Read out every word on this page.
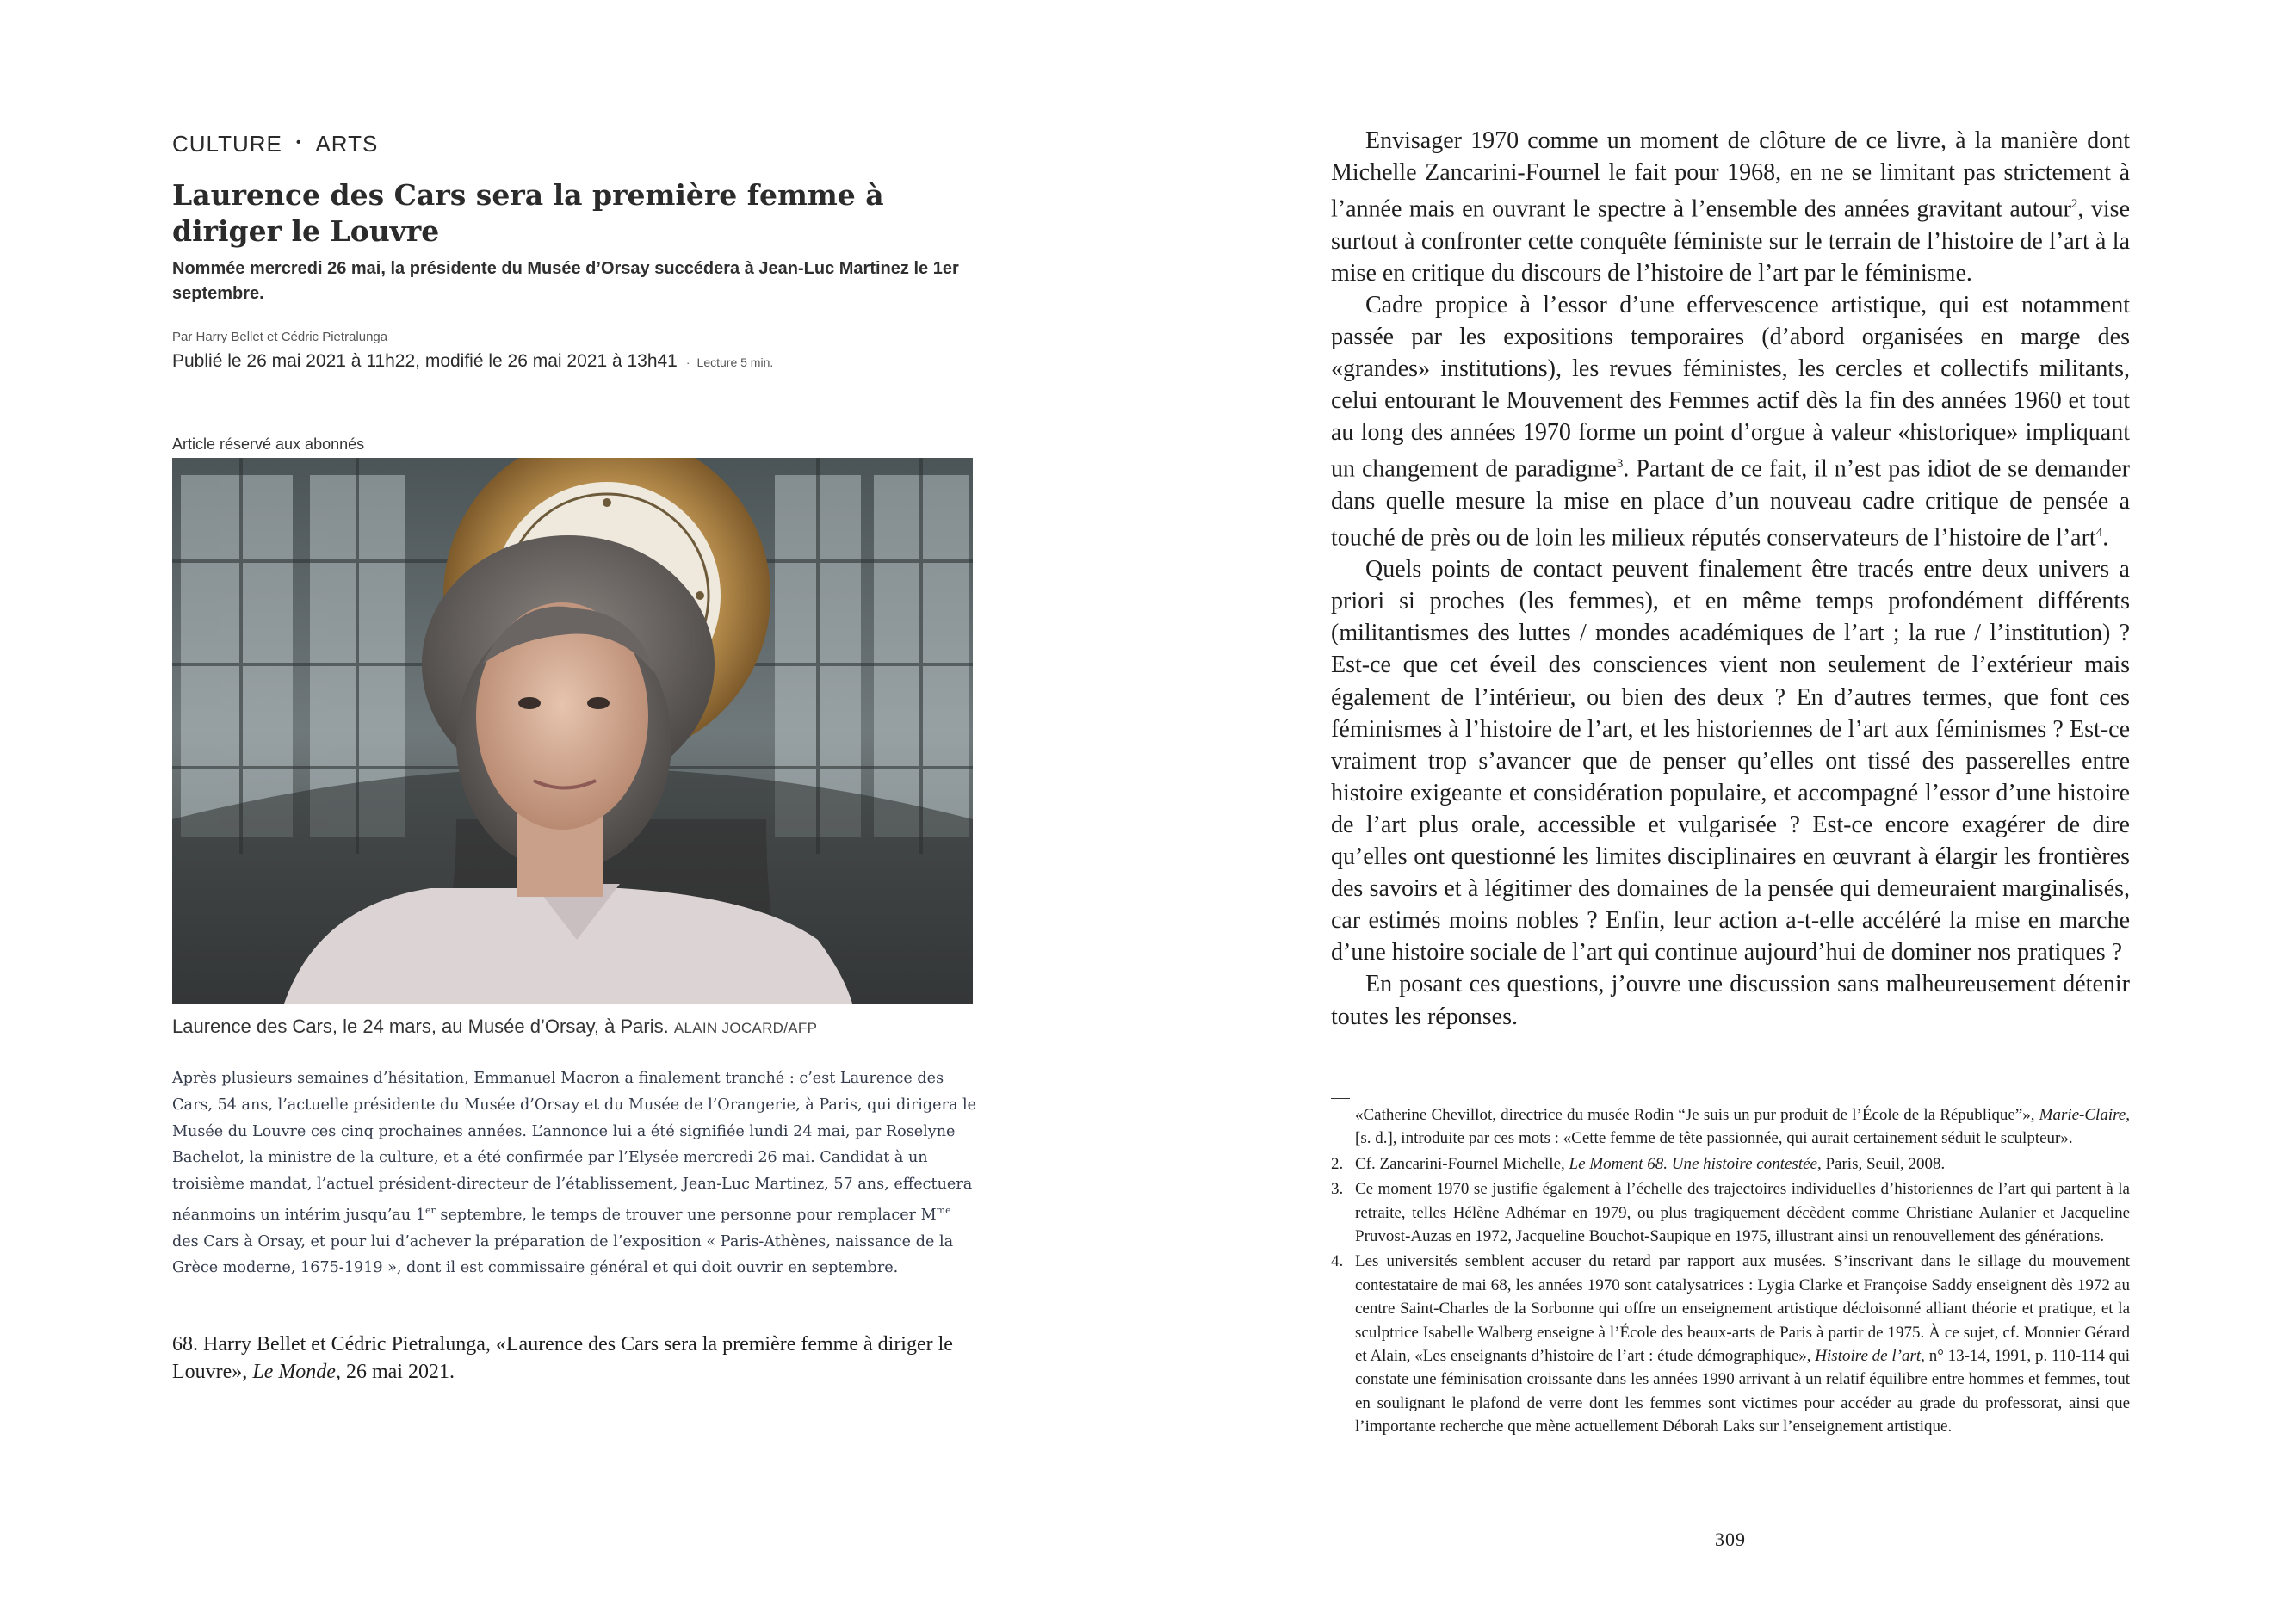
CULTURE • ARTS
Laurence des Cars sera la première femme à diriger le Louvre
Nommée mercredi 26 mai, la présidente du Musée d’Orsay succédera à Jean-Luc Martinez le 1er septembre.
Par Harry Bellet et Cédric Pietralunga
Publié le 26 mai 2021 à 11h22, modifié le 26 mai 2021 à 13h41 · Lecture 5 min.
Article réservé aux abonnés
Laurence des Cars, le 24 mars, au Musée d’Orsay, à Paris. ALAIN JOCARD/AFP

Après plusieurs semaines d’hésitation, Emmanuel Macron a finalement tranché : c’est Laurence des Cars, 54 ans, l’actuelle présidente du Musée d’Orsay et du Musée de l’Orangerie, à Paris, qui dirigera le Musée du Louvre ces cinq prochaines années. L’annonce lui a été signifiée lundi 24 mai, par Roselyne Bachelot, la ministre de la culture, et a été confirmée par l’Elysée mercredi 26 mai. Candidat à un troisième mandat, l’actuel président-directeur de l’établissement, Jean-Luc Martinez, 57 ans, effectuera néanmoins un intérim jusqu’au 1er septembre, le temps de trouver une personne pour remplacer $M^{me}$ des Cars à Orsay, et pour lui d’achever la préparation de l’exposition « Paris-Athènes, naissance de la Grèce moderne, 1675-1919 », dont il est commissaire général et qui doit ouvrir en septembre.

68. Harry Bellet et Cédric Pietralunga, «Laurence des Cars sera la première femme à diriger le Louvre», Le Monde, 26 mai 2021.

Envisager 1970 comme un moment de clôture de ce livre, à la manière dont Michelle Zancarini-Fournel le fait pour 1968, en ne se limitant pas strictement à l’année mais en ouvrant le spectre à l’ensemble des années gravitant autour$^2$, vise surtout à confronter cette conquête féministe sur le terrain de l’histoire de l’art à la mise en critique du discours de l’histoire de l’art par le féminisme.

Cadre propice à l’essor d’une effervescence artistique, qui est notamment passée par les expositions temporaires (d’abord organisées en marge des «grandes» institutions), les revues féministes, les cercles et collectifs militants, celui entourant le Mouvement des Femmes actif dès la fin des années 1960 et tout au long des années 1970 forme un point d’orgue à valeur «historique» impliquant un changement de paradigme$^3$. Partant de ce fait, il n’est pas idiot de se demander dans quelle mesure la mise en place d’un nouveau cadre critique de pensée a touché de près ou de loin les milieux réputés conservateurs de l’histoire de l’art$^4$.

Quels points de contact peuvent finalement être tracés entre deux univers a priori si proches (les femmes), et en même temps profondément différents (militantismes des luttes / mondes académiques de l’art ; la rue / l’institution) ? Est-ce que cet éveil des consciences vient non seulement de l’extérieur mais également de l’intérieur, ou bien des deux ? En d’autres termes, que font ces féminismes à l’histoire de l’art, et les historiennes de l’art aux féminismes ? Est-ce vraiment trop s’avancer que de penser qu’elles ont tissé des passerelles entre histoire exigeante et considération populaire, et accompagné l’essor d’une histoire de l’art plus orale, accessible et vulgarisée ? Est-ce encore exagérer de dire qu’elles ont questionné les limites disciplinaires en œuvrant à élargir les frontières des savoirs et à légitimer des domaines de la pensée qui demeuraient marginalisés, car estimés moins nobles ? Enfin, leur action a-t-elle accéléré la mise en marche d’une histoire sociale de l’art qui continue aujourd’hui de dominer nos pratiques ?

En posant ces questions, j’ouvre une discussion sans malheureusement détenir toutes les réponses.

«Catherine Chevillot, directrice du musée Rodin “Je suis un pur produit de l’École de la République”», Marie-Claire, [s. d.], introduite par ces mots : «Cette femme de tête passionnée, qui aurait certainement séduit le sculpteur».
2. Cf. Zancarini-Fournel Michelle, Le Moment 68. Une histoire contestée, Paris, Seuil, 2008.
3. Ce moment 1970 se justifie également à l’échelle des trajectoires individuelles d’historiennes de l’art qui partent à la retraite, telles Hélène Adhémar en 1979, ou plus tragiquement décèdent comme Christiane Aulanier et Jacqueline Pruvost-Auzas en 1972, Jacqueline Bouchot-Saupique en 1975, illustrant ainsi un renouvellement des générations.
4. Les universités semblent accuser du retard par rapport aux musées. S’inscrivant dans le sillage du mouvement contestataire de mai 68, les années 1970 sont catalysatrices : Lygia Clarke et Françoise Saddy enseignent dès 1972 au centre Saint-Charles de la Sorbonne qui offre un enseignement artistique décloisonné alliant théorie et pratique, et la sculptrice Isabelle Walberg enseigne à l’École des beaux-arts de Paris à partir de 1975. À ce sujet, cf. Monnier Gérard et Alain, «Les enseignants d’histoire de l’art : étude démographique», Histoire de l’art, n° 13-14, 1991, p. 110-114 qui constate une féminisation croissante dans les années 1990 arrivant à un relatif équilibre entre hommes et femmes, tout en soulignant le plafond de verre dont les femmes sont victimes pour accéder au grade du professorat, ainsi que l’importante recherche que mène actuellement Déborah Laks sur l’enseignement artistique.
309
